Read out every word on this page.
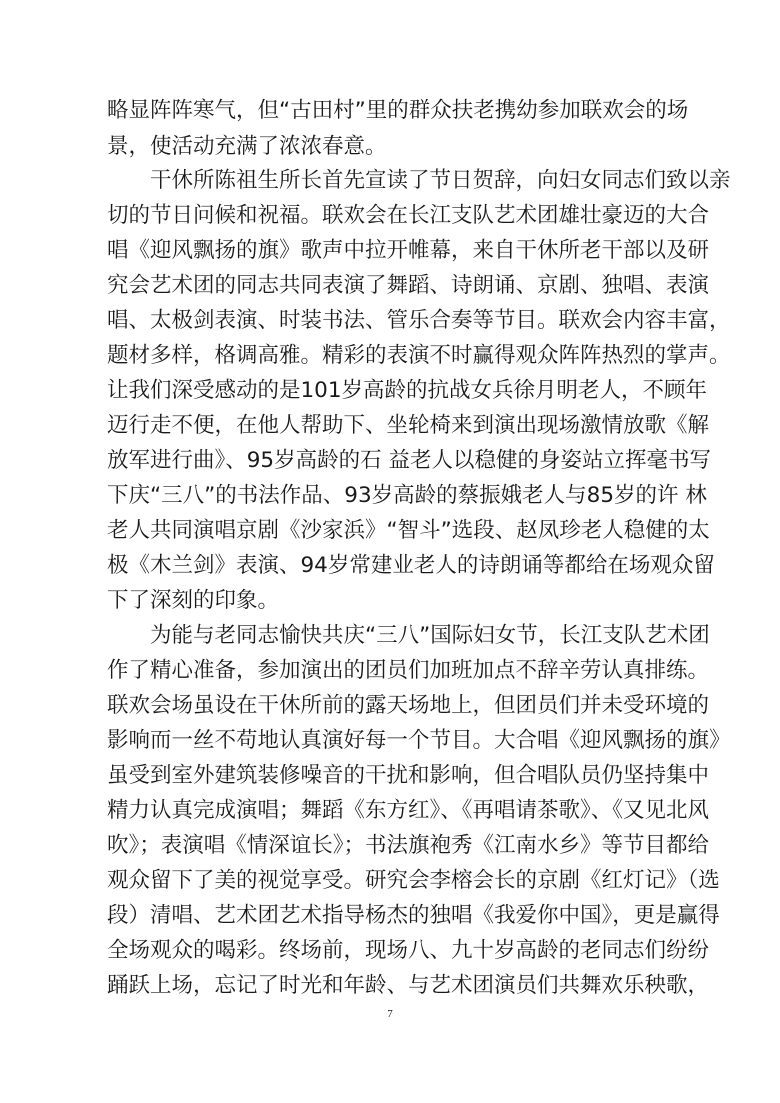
略显阵阵寒气，但“古田村”里的群众扶老携幼参加联欢会的场
景，使活动充满了浓浓春意。
　　干休所陈祖生所长首先宣读了节日贺辞，向妇女同志们致以亲
切的节日问候和祝福。联欢会在长江支队艺术团雄壮豪迈的大合
唱《迎风飘扬的旗》歌声中拉开帷幕，来自干休所老干部以及研
究会艺术团的同志共同表演了舞蹈、诗朗诵、京剧、独唱、表演
唱、太极剑表演、时装书法、管乐合奏等节目。联欢会内容丰富，
题材多样，格调高雅。精彩的表演不时赢得观众阵阵热烈的掌声。
让我们深受感动的是101岁高龄的抗战女兵徐月明老人，不顾年
迈行走不便，在他人帮助下、坐轮椅来到演出现场激情放歌《解
放军进行曲》、95岁高龄的石 益老人以稳健的身姿站立挥毫书写
下庆“三八”的书法作品、93岁高龄的蔡振娥老人与85岁的许 林
老人共同演唱京剧《沙家浜》“智斗”选段、赵凤珍老人稳健的太
极《木兰剑》表演、94岁常建业老人的诗朗诵等都给在场观众留
下了深刻的印象。
　　为能与老同志愉快共庆“三八”国际妇女节，长江支队艺术团
作了精心准备，参加演出的团员们加班加点不辞辛劳认真排练。
联欢会场虽设在干休所前的露天场地上，但团员们并未受环境的
影响而一丝不苟地认真演好每一个节目。大合唱《迎风飘扬的旗》
虽受到室外建筑装修噪音的干扰和影响，但合唱队员仍坚持集中
精力认真完成演唱；舞蹈《东方红》、《再唱请茶歌》、《又见北风
吹》；表演唱《情深谊长》；书法旗袍秀《江南水乡》等节目都给
观众留下了美的视觉享受。研究会李榕会长的京剧《红灯记》（选
段）清唱、艺术团艺术指导杨杰的独唱《我爱你中国》，更是赢得
全场观众的喝彩。终场前，现场八、九十岁高龄的老同志们纷纷
踊跃上场，忘记了时光和年龄、与艺术团演员们共舞欢乐秧歌，
7
